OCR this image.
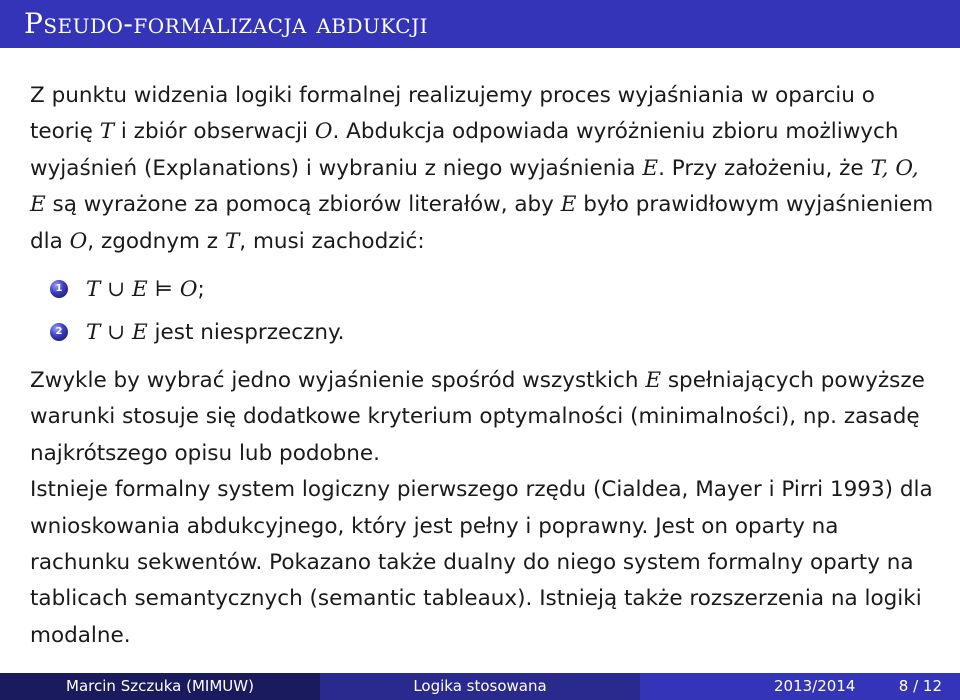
Pseudo-formalizacja abdukcji

Z punktu widzenia logiki formalnej realizujemy proces wyjaśniania w oparciu o teorię T i zbiór obserwacji O. Abdukcja odpowiada wyróżnieniu zbioru możliwych wyjaśnień (Explanations) i wybraniu z niego wyjaśnienia E. Przy założeniu, że T, O, E są wyrażone za pomocą zbiorów literałów, aby E było prawidłowym wyjaśnieniem dla O, zgodnym z T, musi zachodzić:

1 T ∪ E ⊨ O;
2 T ∪ E jest niesprzeczny.

Zwykle by wybrać jedno wyjaśnienie spośród wszystkich E spełniających powyższe warunki stosuje się dodatkowe kryterium optymalności (minimalności), np. zasadę najkrótszego opisu lub podobne.

Istnieje formalny system logiczny pierwszego rzędu (Cialdea, Mayer i Pirri 1993) dla wnioskowania abdukcyjnego, który jest pełny i poprawny. Jest on oparty na rachunku sekwentów. Pokazano także dualny do niego system formalny oparty na tablicach semantycznych (semantic tableaux). Istnieją także rozszerzenia na logiki modalne.

Marcin Szczuka (MIMUW)	Logika stosowana	2013/2014	8 / 12
